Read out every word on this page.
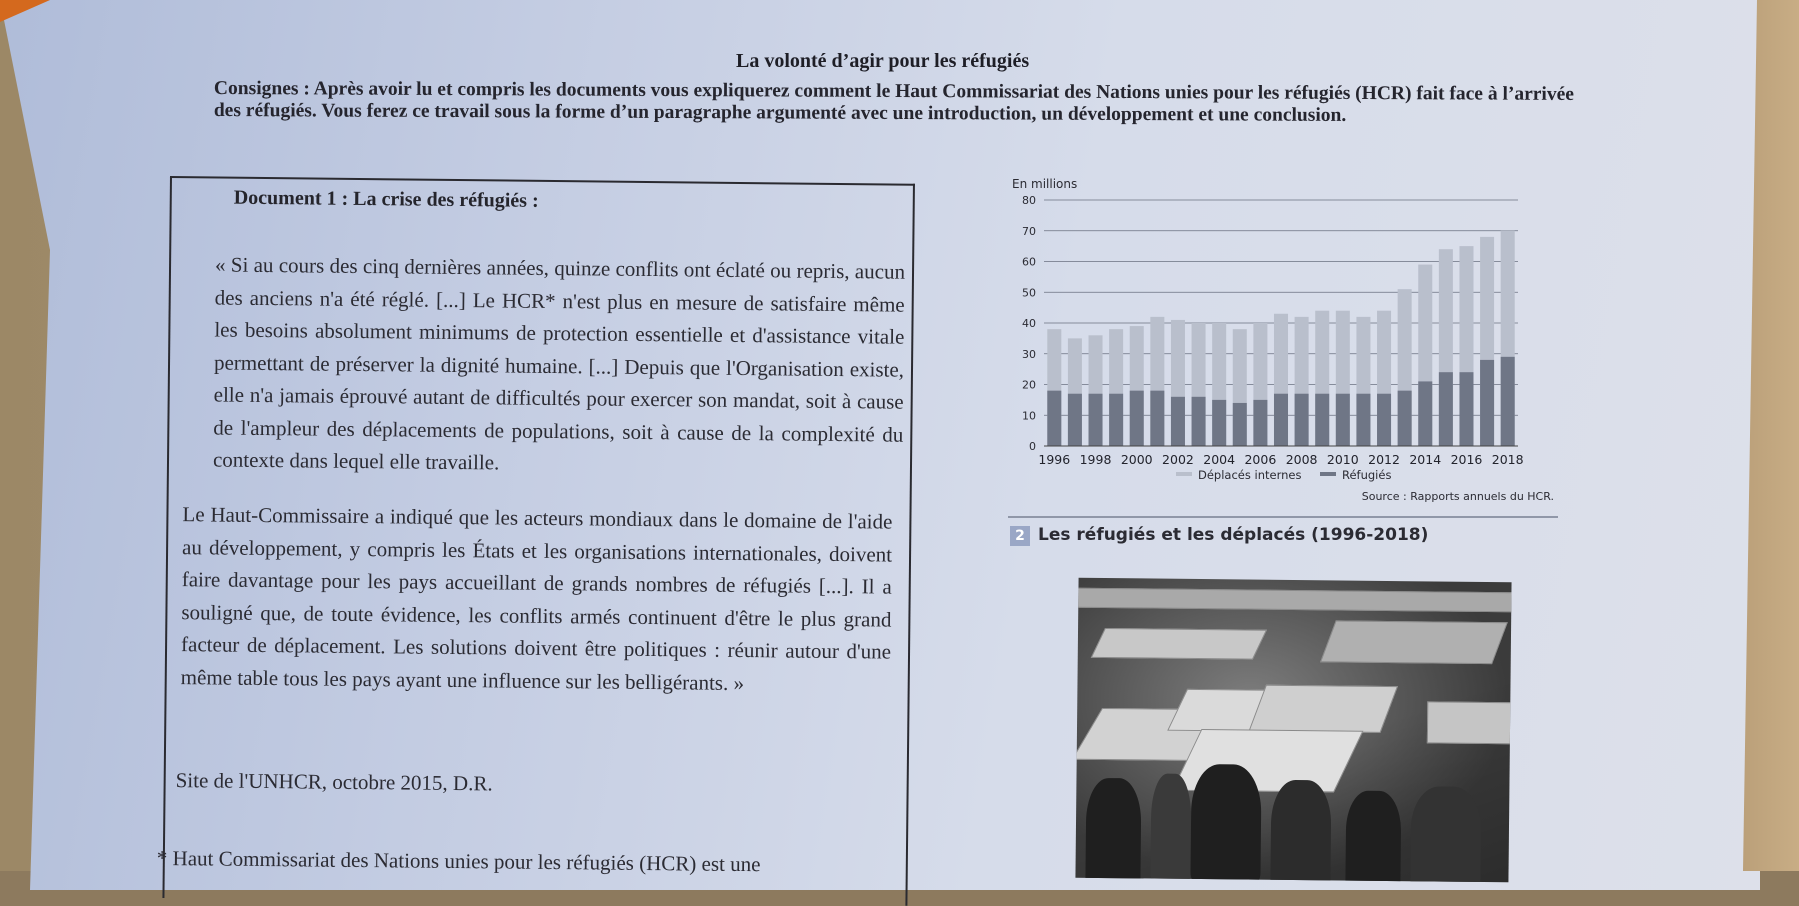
La volonté d’agir pour les réfugiés
Consignes : Après avoir lu et compris les documents vous expliquerez comment le Haut Commissariat des Nations unies pour les réfugiés (HCR) fait face à l’arrivée des réfugiés. Vous ferez ce travail sous la forme d’un paragraphe argumenté avec une introduction, un développement et une conclusion.
Document 1 : La crise des réfugiés :
« Si au cours des cinq dernières années, quinze conflits ont éclaté ou repris, aucun des anciens n'a été réglé. [...] Le HCR* n'est plus en mesure de satisfaire même les besoins absolument minimums de protection essentielle et d'assistance vitale permettant de préserver la dignité humaine. [...] Depuis que l'Organisation existe, elle n'a jamais éprouvé autant de difficultés pour exercer son mandat, soit à cause de l'ampleur des déplacements de populations, soit à cause de la complexité du contexte dans lequel elle travaille.
Le Haut-Commissaire a indiqué que les acteurs mondiaux dans le domaine de l'aide au développement, y compris les États et les organisations internationales, doivent faire davantage pour les pays accueillant de grands nombres de réfugiés [...]. Il a souligné que, de toute évidence, les conflits armés continuent d'être le plus grand facteur de déplacement. Les solutions doivent être politiques : réunir autour d'une même table tous les pays ayant une influence sur les belligérants. »
Site de l'UNHCR, octobre 2015, D.R.
* Haut Commissariat des Nations unies pour les réfugiés (HCR) est une
En millions
0
10
20
30
40
50
60
70
80
1996 1998 2000 2002 2004 2006 2008 2010 2012 2014 2016 2018
Déplacés internes	Réfugiés
Source : Rapports annuels du HCR.
2 Les réfugiés et les déplacés (1996-2018)
